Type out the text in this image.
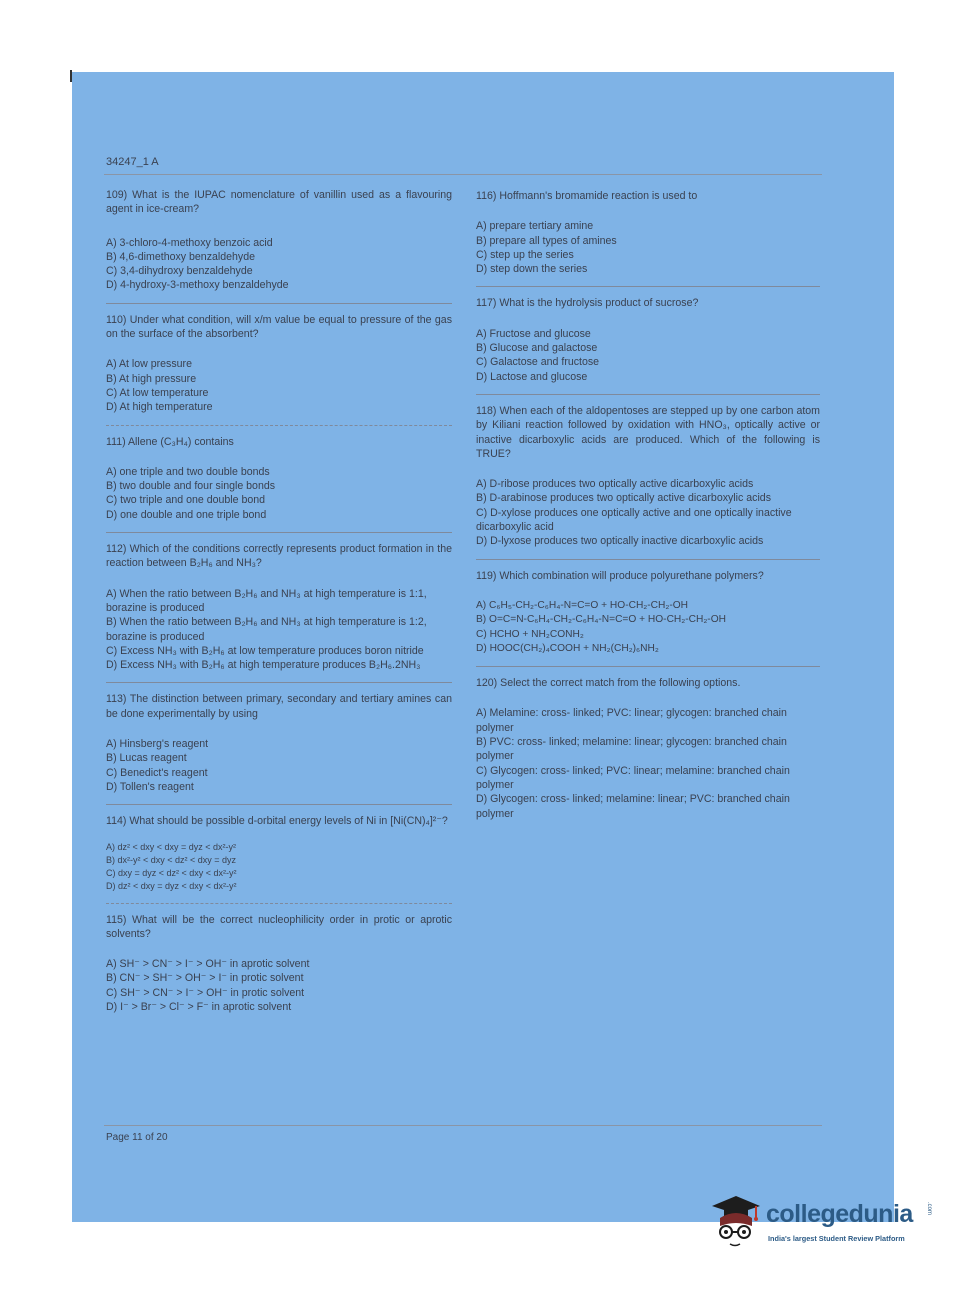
34247_1 A
109) What is the IUPAC nomenclature of vanillin used as a flavouring agent in ice-cream?
A) 3-chloro-4-methoxy benzoic acid
B) 4,6-dimethoxy benzaldehyde
C) 3,4-dihydroxy benzaldehyde
D) 4-hydroxy-3-methoxy benzaldehyde
110) Under what condition, will x/m value be equal to pressure of the gas on the surface of the absorbent?
A) At low pressure
B) At high pressure
C) At low temperature
D) At high temperature
111) Allene (C₃H₄) contains
A) one triple and two double bonds
B) two double and four single bonds
C) two triple and one double bond
D) one double and one triple bond
112) Which of the conditions correctly represents product formation in the reaction between B₂H₆ and NH₃?
A) When the ratio between B₂H₆ and NH₃ at high temperature is 1:1, borazine is produced
B) When the ratio between B₂H₆ and NH₃ at high temperature is 1:2, borazine is produced
C) Excess NH₃ with B₂H₆ at low temperature produces boron nitride
D) Excess NH₃ with B₂H₆ at high temperature produces B₂H₆.2NH₃
113) The distinction between primary, secondary and tertiary amines can be done experimentally by using
A) Hinsberg's reagent
B) Lucas reagent
C) Benedict's reagent
D) Tollen's reagent
114) What should be possible d-orbital energy levels of Ni in [Ni(CN)₄]²⁻?
A) dz² < dxy < dxy = dyz < dx²-y²
B) dx²-y² < dxy < dz² < dxy = dyz
C) dxy = dyz < dz² < dxy < dx²-y²
D) dz² < dxy = dyz < dxy < dx²-y²
115) What will be the correct nucleophilicity order in protic or aprotic solvents?
A) SH⁻ > CN⁻ > I⁻ > OH⁻ in aprotic solvent
B) CN⁻ > SH⁻ > OH⁻ > I⁻ in protic solvent
C) SH⁻ > CN⁻ > I⁻ > OH⁻ in protic solvent
D) I⁻ > Br⁻ > Cl⁻ > F⁻ in aprotic solvent
116) Hoffmann's bromamide reaction is used to
A) prepare tertiary amine
B) prepare all types of amines
C) step up the series
D) step down the series
117) What is the hydrolysis product of sucrose?
A) Fructose and glucose
B) Glucose and galactose
C) Galactose and fructose
D) Lactose and glucose
118) When each of the aldopentoses are stepped up by one carbon atom by Kiliani reaction followed by oxidation with HNO₃, optically active or inactive dicarboxylic acids are produced. Which of the following is TRUE?
A) D-ribose produces two optically active dicarboxylic acids
B) D-arabinose produces two optically active dicarboxylic acids
C) D-xylose produces one optically active and one optically inactive dicarboxylic acid
D) D-lyxose produces two optically inactive dicarboxylic acids
119) Which combination will produce polyurethane polymers?
A) C₆H₅-CH₂-C₆H₄-N=C=O + HO-CH₂-CH₂-OH
B) O=C=N-C₆H₄-CH₂-C₆H₄-N=C=O + HO-CH₂-CH₂-OH
C) HCHO + NH₂CONH₂
D) HOOC(CH₂)₄COOH + NH₂(CH₂)₆NH₂
120) Select the correct match from the following options.
A) Melamine: cross- linked; PVC: linear; glycogen: branched chain polymer
B) PVC: cross- linked; melamine: linear; glycogen: branched chain polymer
C) Glycogen: cross- linked; PVC: linear; melamine: branched chain polymer
D) Glycogen: cross- linked; melamine: linear; PVC: branched chain polymer
Page 11 of 20
collegedunia .com
India's largest Student Review Platform
